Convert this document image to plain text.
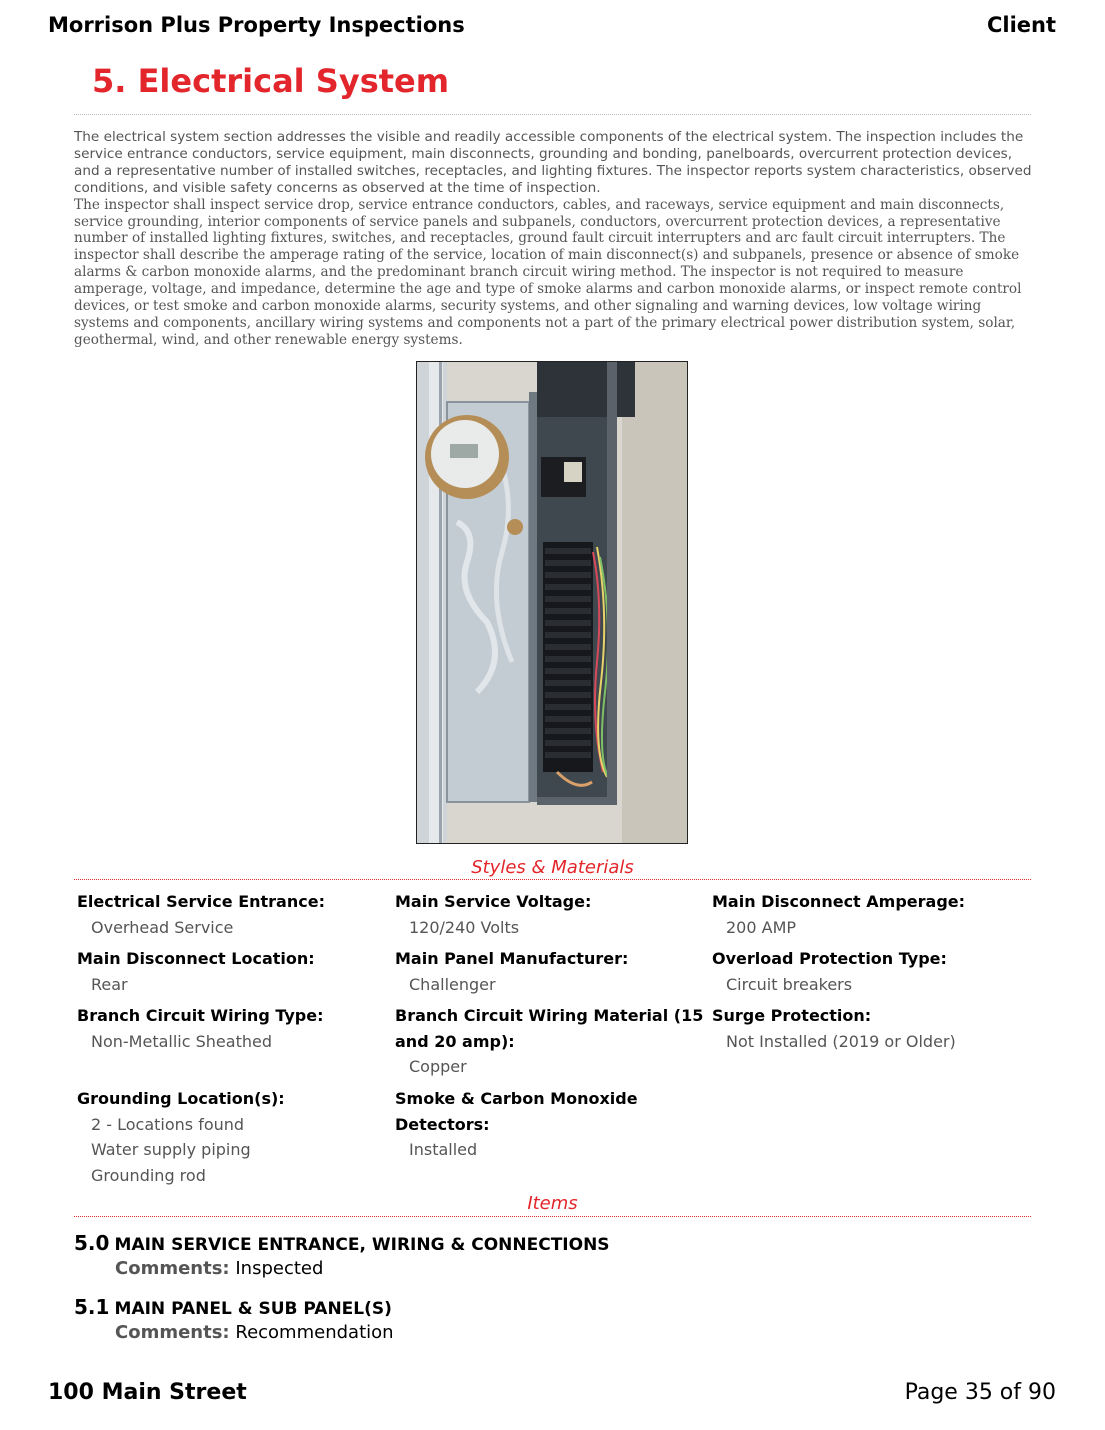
Morrison Plus Property Inspections	Client
5. Electrical System
The electrical system section addresses the visible and readily accessible components of the electrical system. The inspection includes the service entrance conductors, service equipment, main disconnects, grounding and bonding, panelboards, overcurrent protection devices, and a representative number of installed switches, receptacles, and lighting fixtures. The inspector reports system characteristics, observed conditions, and visible safety concerns as observed at the time of inspection.
The inspector shall inspect service drop, service entrance conductors, cables, and raceways, service equipment and main disconnects, service grounding, interior components of service panels and subpanels, conductors, overcurrent protection devices, a representative number of installed lighting fixtures, switches, and receptacles, ground fault circuit interrupters and arc fault circuit interrupters. The inspector shall describe the amperage rating of the service, location of main disconnect(s) and subpanels, presence or absence of smoke alarms & carbon monoxide alarms, and the predominant branch circuit wiring method. The inspector is not required to measure amperage, voltage, and impedance, determine the age and type of smoke alarms and carbon monoxide alarms, or inspect remote control devices, or test smoke and carbon monoxide alarms, security systems, and other signaling and warning devices, low voltage wiring systems and components, ancillary wiring systems and components not a part of the primary electrical power distribution system, solar, geothermal, wind, and other renewable energy systems.
Styles & Materials
Electrical Service Entrance:
Overhead Service
Main Service Voltage:
120/240 Volts
Main Disconnect Amperage:
200 AMP
Main Disconnect Location:
Rear
Main Panel Manufacturer:
Challenger
Overload Protection Type:
Circuit breakers
Branch Circuit Wiring Type:
Non-Metallic Sheathed
Branch Circuit Wiring Material (15 and 20 amp):
Copper
Surge Protection:
Not Installed (2019 or Older)
Grounding Location(s):
2 - Locations found
Water supply piping
Grounding rod
Smoke & Carbon Monoxide Detectors:
Installed
Items
5.0 MAIN SERVICE ENTRANCE, WIRING & CONNECTIONS
Comments: Inspected
5.1 MAIN PANEL & SUB PANEL(S)
Comments: Recommendation
100 Main Street	Page 35 of 90
